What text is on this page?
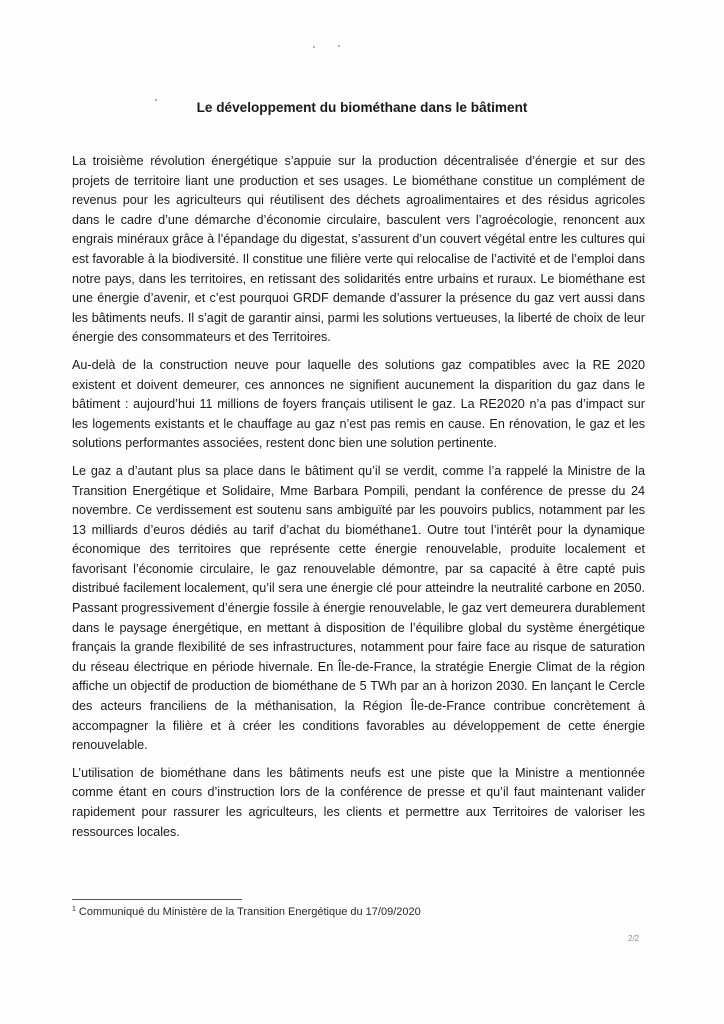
Le développement du biométhane dans le bâtiment

La troisième révolution énergétique s’appuie sur la production décentralisée d’énergie et sur des projets de territoire liant une production et ses usages. Le biométhane constitue un complément de revenus pour les agriculteurs qui réutilisent des déchets agroalimentaires et des résidus agricoles dans le cadre d’une démarche d’économie circulaire, basculent vers l’agroécologie, renoncent aux engrais minéraux grâce à l’épandage du digestat, s’assurent d’un couvert végétal entre les cultures qui est favorable à la biodiversité. Il constitue une filière verte qui relocalise de l’activité et de l’emploi dans notre pays, dans les territoires, en retissant des solidarités entre urbains et ruraux. Le biométhane est une énergie d’avenir, et c’est pourquoi GRDF demande d’assurer la présence du gaz vert aussi dans les bâtiments neufs. Il s’agit de garantir ainsi, parmi les solutions vertueuses, la liberté de choix de leur énergie des consommateurs et des Territoires.

Au-delà de la construction neuve pour laquelle des solutions gaz compatibles avec la RE 2020 existent et doivent demeurer, ces annonces ne signifient aucunement la disparition du gaz dans le bâtiment : aujourd’hui 11 millions de foyers français utilisent le gaz. La RE2020 n’a pas d’impact sur les logements existants et le chauffage au gaz n’est pas remis en cause. En rénovation, le gaz et les solutions performantes associées, restent donc bien une solution pertinente.

Le gaz a d’autant plus sa place dans le bâtiment qu’il se verdit, comme l’a rappelé la Ministre de la Transition Energétique et Solidaire, Mme Barbara Pompili, pendant la conférence de presse du 24 novembre. Ce verdissement est soutenu sans ambiguïté par les pouvoirs publics, notamment par les 13 milliards d’euros dédiés au tarif d’achat du biométhane1. Outre tout l’intérêt pour la dynamique économique des territoires que représente cette énergie renouvelable, produite localement et favorisant l’économie circulaire, le gaz renouvelable démontre, par sa capacité à être capté puis distribué facilement localement, qu’il sera une énergie clé pour atteindre la neutralité carbone en 2050. Passant progressivement d’énergie fossile à énergie renouvelable, le gaz vert demeurera durablement dans le paysage énergétique, en mettant à disposition de l’équilibre global du système énergétique français la grande flexibilité de ses infrastructures, notamment pour faire face au risque de saturation du réseau électrique en période hivernale. En Île-de-France, la stratégie Energie Climat de la région affiche un objectif de production de biométhane de 5 TWh par an à horizon 2030. En lançant le Cercle des acteurs franciliens de la méthanisation, la Région Île-de-France contribue concrètement à accompagner la filière et à créer les conditions favorables au développement de cette énergie renouvelable.

L’utilisation de biométhane dans les bâtiments neufs est une piste que la Ministre a mentionnée comme étant en cours d’instruction lors de la conférence de presse et qu’il faut maintenant valider rapidement pour rassurer les agriculteurs, les clients et permettre aux Territoires de valoriser les ressources locales.

$^1$ Communiqué du Ministère de la Transition Energétique du 17/09/2020
2/2
